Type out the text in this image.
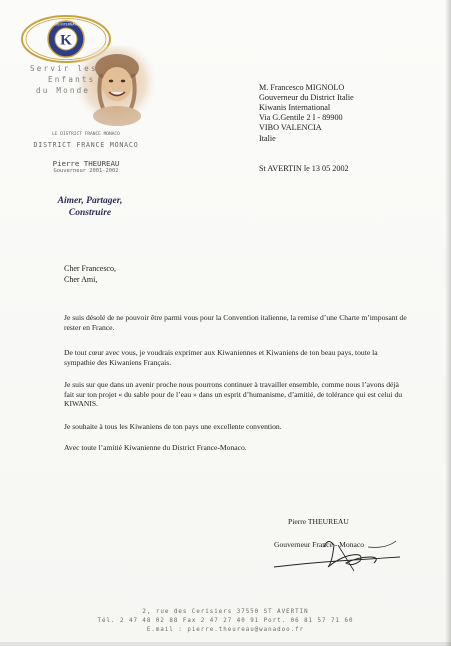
K
KIWANIS INTERNATIONAL
Servir les
Enfants
du Monde
LE DISTRICT FRANCE MONACO
DISTRICT FRANCE MONACO
Pierre THEUREAU
Gouverneur 2001-2002
Aimer, Partager,
Construire
M. Francesco MIGNOLO
Gouverneur du District Italie
Kiwanis International
Via G.Gentile 2 I - 89900
VIBO VALENCIA
Italie
St AVERTIN le 13 05 2002
Cher Francesco,
Cher Ami,
Je suis désolé de ne pouvoir être parmi vous pour la Convention italienne, la remise d’une Charte m’imposant de rester en France.
De tout cœur avec vous, je voudrais exprimer aux Kiwaniennes et Kiwaniens de ton beau pays, toute la sympathie des Kiwaniens Français.
Je suis sur que dans un avenir proche nous pourrons continuer à travailler ensemble, comme nous l’avons déjà fait sur ton projet « du sable pour de l’eau » dans un esprit d’humanisme, d’amitié, de tolérance qui est celui du KIWANIS.
Je souhaite à tous les Kiwaniens de ton pays une excellente convention.
Avec toute l’amitié Kiwanienne du District France-Monaco.
Pierre THEUREAU
Gouverneur France - Monaco
2, rue des Cerisiers 37550 ST AVERTIN
Tél. 2 47 48 02 88 Fax 2 47 27 40 91 Port. 06 81 57 71 60
E.mail : pierre.theureau@wanadoo.fr
